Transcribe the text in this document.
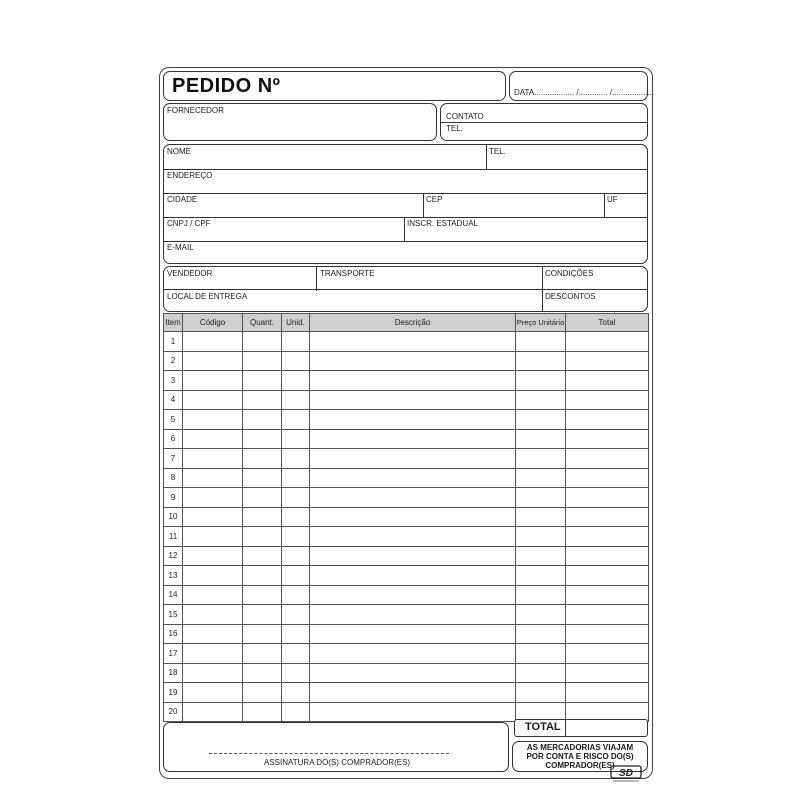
PEDIDO Nº	DATA.................. /............. /..................
FORNECEDOR
CONTATO
TEL.
NOME	TEL.
ENDEREÇO
CIDADE	CEP	UF
CNPJ / CPF	INSCR. ESTADUAL
E-MAIL
VENDEDOR	TRANSPORTE	CONDIÇÕES
LOCAL DE ENTREGA	DESCONTOS
Item	Código	Quant.	Unid.	Descrição	Preço Unitário	Total
1						
2						
3						
4						
5						
6						
7						
8						
9						
10						
11						
12						
13						
14						
15						
16						
17						
18						
19						
20						
TOTAL
ASSINATURA DO(S) COMPRADOR(ES)
AS MERCADORIAS VIAJAM
POR CONTA E RISCO DO(S)
COMPRADOR(ES)
SD
